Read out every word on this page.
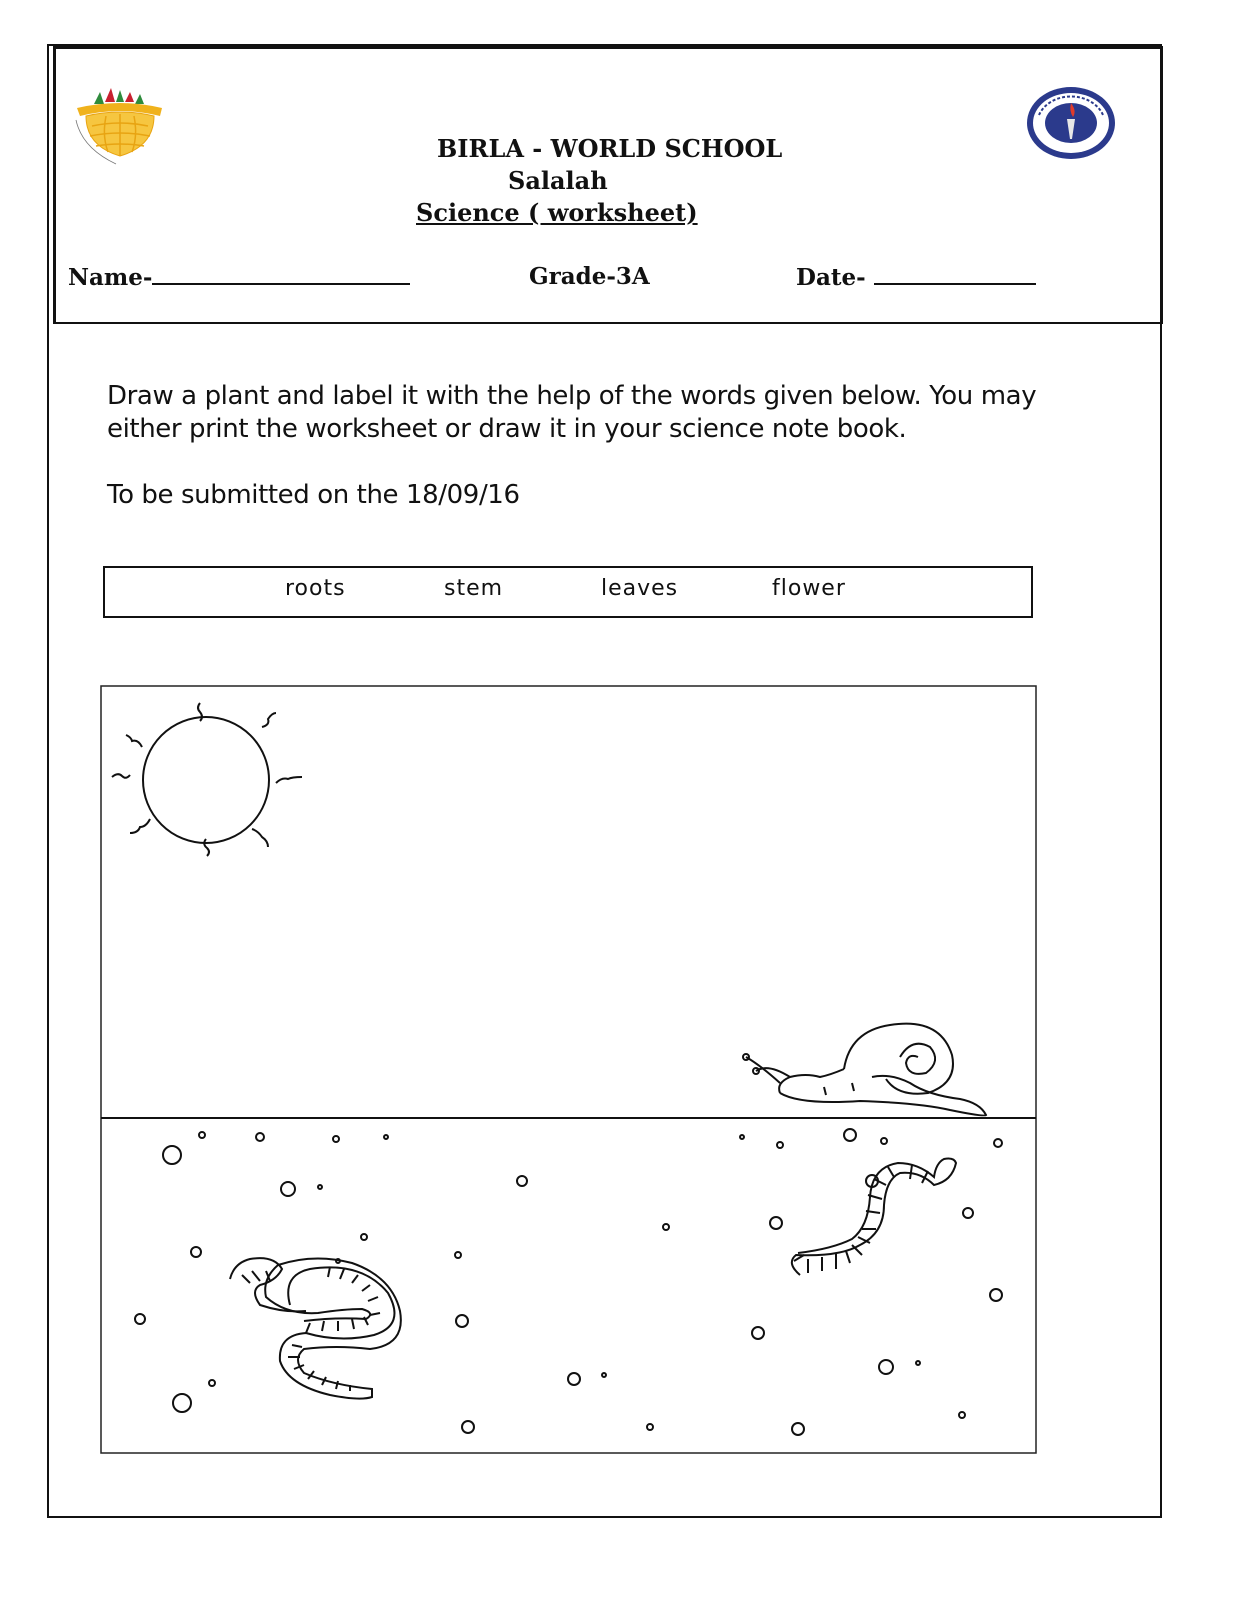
BIRLA - WORLD SCHOOL
Salalah
Science ( worksheet)
Name-	Grade-3A	Date-
Draw a plant and label it with the help of the words given below. You may either print the worksheet or draw it in your science note book.
To be submitted on the 18/09/16
roots	stem	leaves	flower
